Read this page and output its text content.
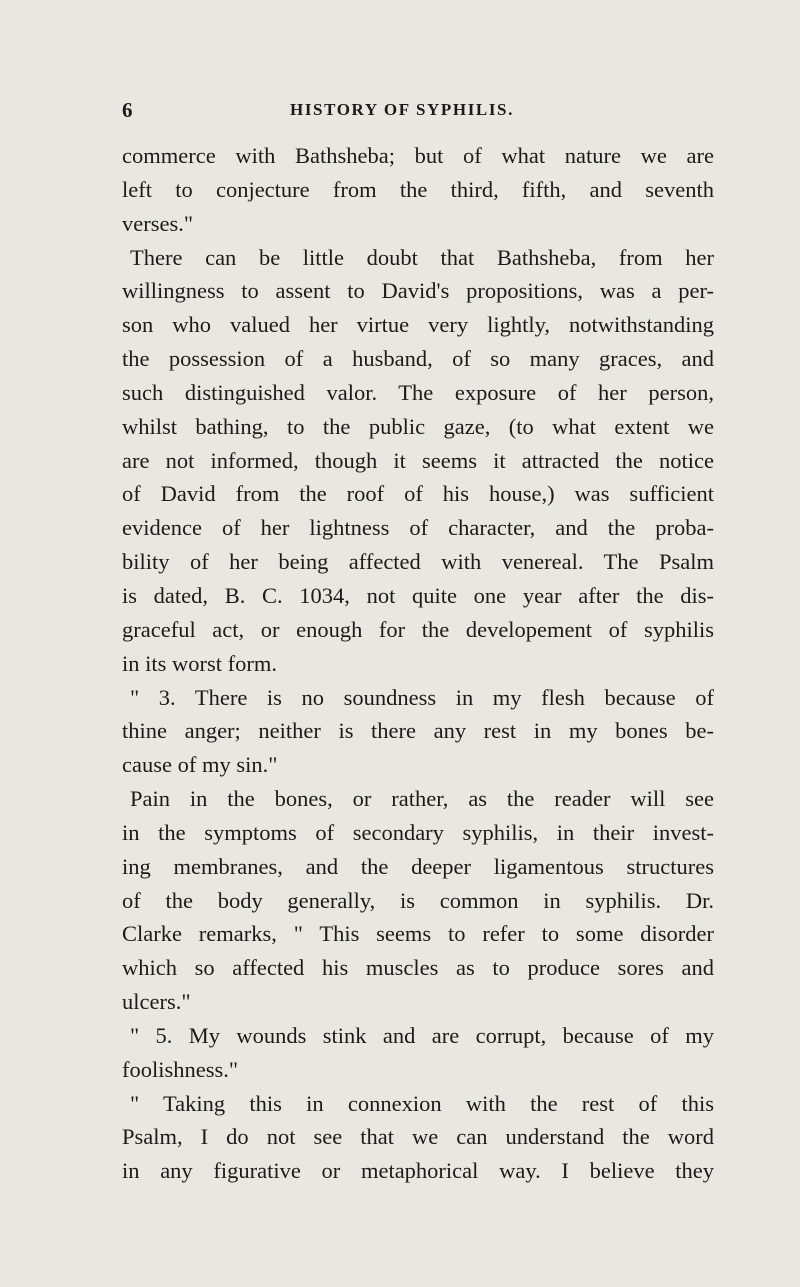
6	HISTORY OF SYPHILIS.
commerce with Bathsheba; but of what nature we are
left to conjecture from the third, fifth, and seventh
verses."
There can be little doubt that Bathsheba, from her
willingness to assent to David's propositions, was a per-
son who valued her virtue very lightly, notwithstanding
the possession of a husband, of so many graces, and
such distinguished valor. The exposure of her person,
whilst bathing, to the public gaze, (to what extent we
are not informed, though it seems it attracted the notice
of David from the roof of his house,) was sufficient
evidence of her lightness of character, and the proba-
bility of her being affected with venereal. The Psalm
is dated, B. C. 1034, not quite one year after the dis-
graceful act, or enough for the developement of syphilis
in its worst form.
" 3. There is no soundness in my flesh because of
thine anger; neither is there any rest in my bones be-
cause of my sin."
Pain in the bones, or rather, as the reader will see
in the symptoms of secondary syphilis, in their invest-
ing membranes, and the deeper ligamentous structures
of the body generally, is common in syphilis. Dr.
Clarke remarks, " This seems to refer to some disorder
which so affected his muscles as to produce sores and
ulcers."
" 5. My wounds stink and are corrupt, because of my
foolishness."
" Taking this in connexion with the rest of this
Psalm, I do not see that we can understand the word
in any figurative or metaphorical way. I believe they
